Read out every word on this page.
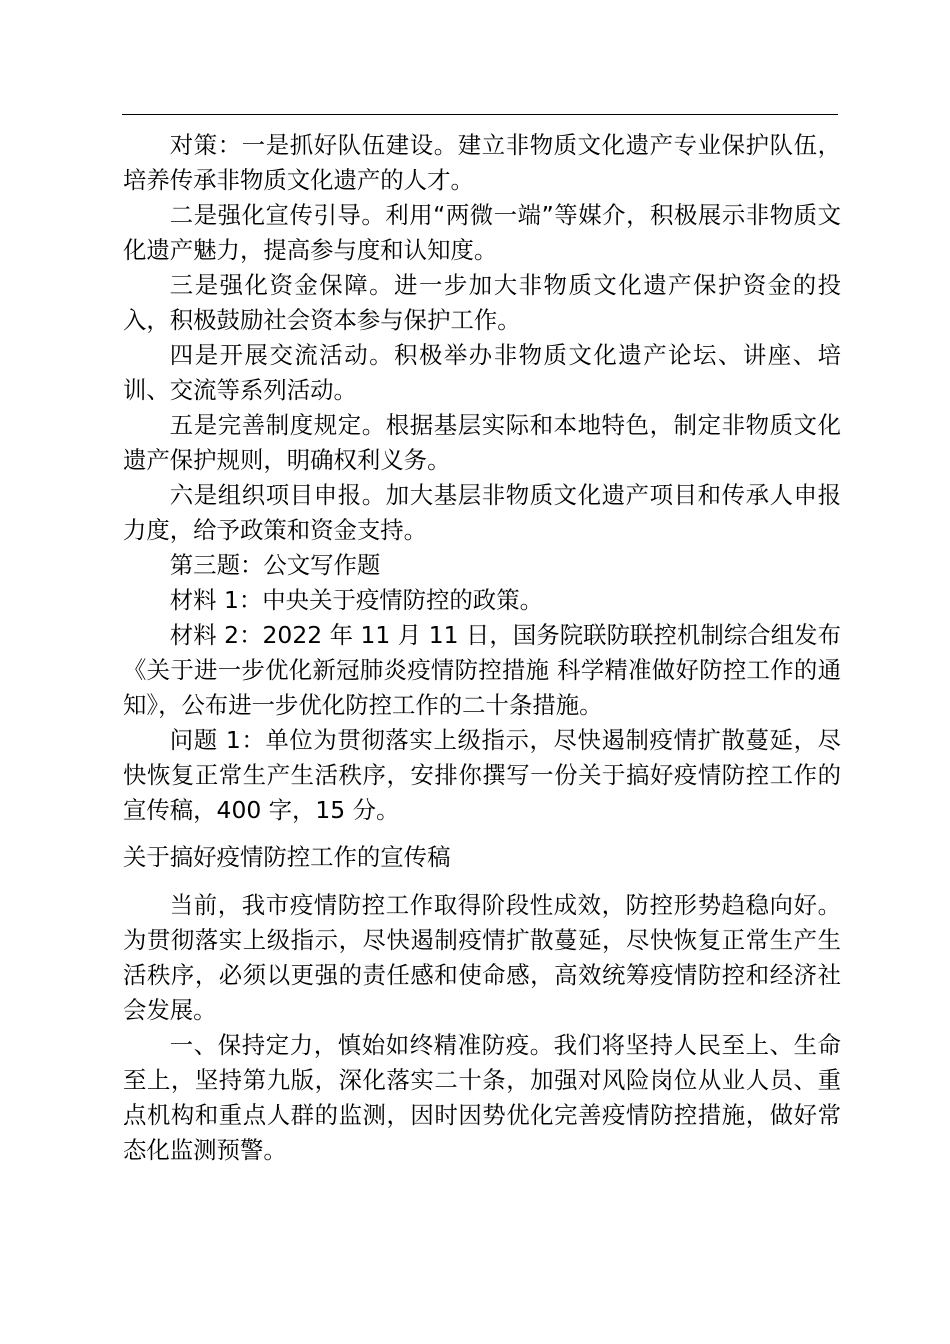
对策：一是抓好队伍建设。建立非物质文化遗产专业保护队伍，培养传承非物质文化遗产的人才。

二是强化宣传引导。利用“两微一端”等媒介，积极展示非物质文化遗产魅力，提高参与度和认知度。

三是强化资金保障。进一步加大非物质文化遗产保护资金的投入，积极鼓励社会资本参与保护工作。

四是开展交流活动。积极举办非物质文化遗产论坛、讲座、培训、交流等系列活动。

五是完善制度规定。根据基层实际和本地特色，制定非物质文化遗产保护规则，明确权利义务。

六是组织项目申报。加大基层非物质文化遗产项目和传承人申报力度，给予政策和资金支持。

第三题：公文写作题

材料 1：中央关于疫情防控的政策。

材料 2：2022 年 11 月 11 日，国务院联防联控机制综合组发布《关于进一步优化新冠肺炎疫情防控措施 科学精准做好防控工作的通知》，公布进一步优化防控工作的二十条措施。

问题 1：单位为贯彻落实上级指示，尽快遏制疫情扩散蔓延，尽快恢复正常生产生活秩序，安排你撰写一份关于搞好疫情防控工作的宣传稿，400 字，15 分。

关于搞好疫情防控工作的宣传稿

当前，我市疫情防控工作取得阶段性成效，防控形势趋稳向好。为贯彻落实上级指示，尽快遏制疫情扩散蔓延，尽快恢复正常生产生活秩序，必须以更强的责任感和使命感，高效统筹疫情防控和经济社会发展。

一、保持定力，慎始如终精准防疫。我们将坚持人民至上、生命至上，坚持第九版，深化落实二十条，加强对风险岗位从业人员、重点机构和重点人群的监测，因时因势优化完善疫情防控措施，做好常态化监测预警。
